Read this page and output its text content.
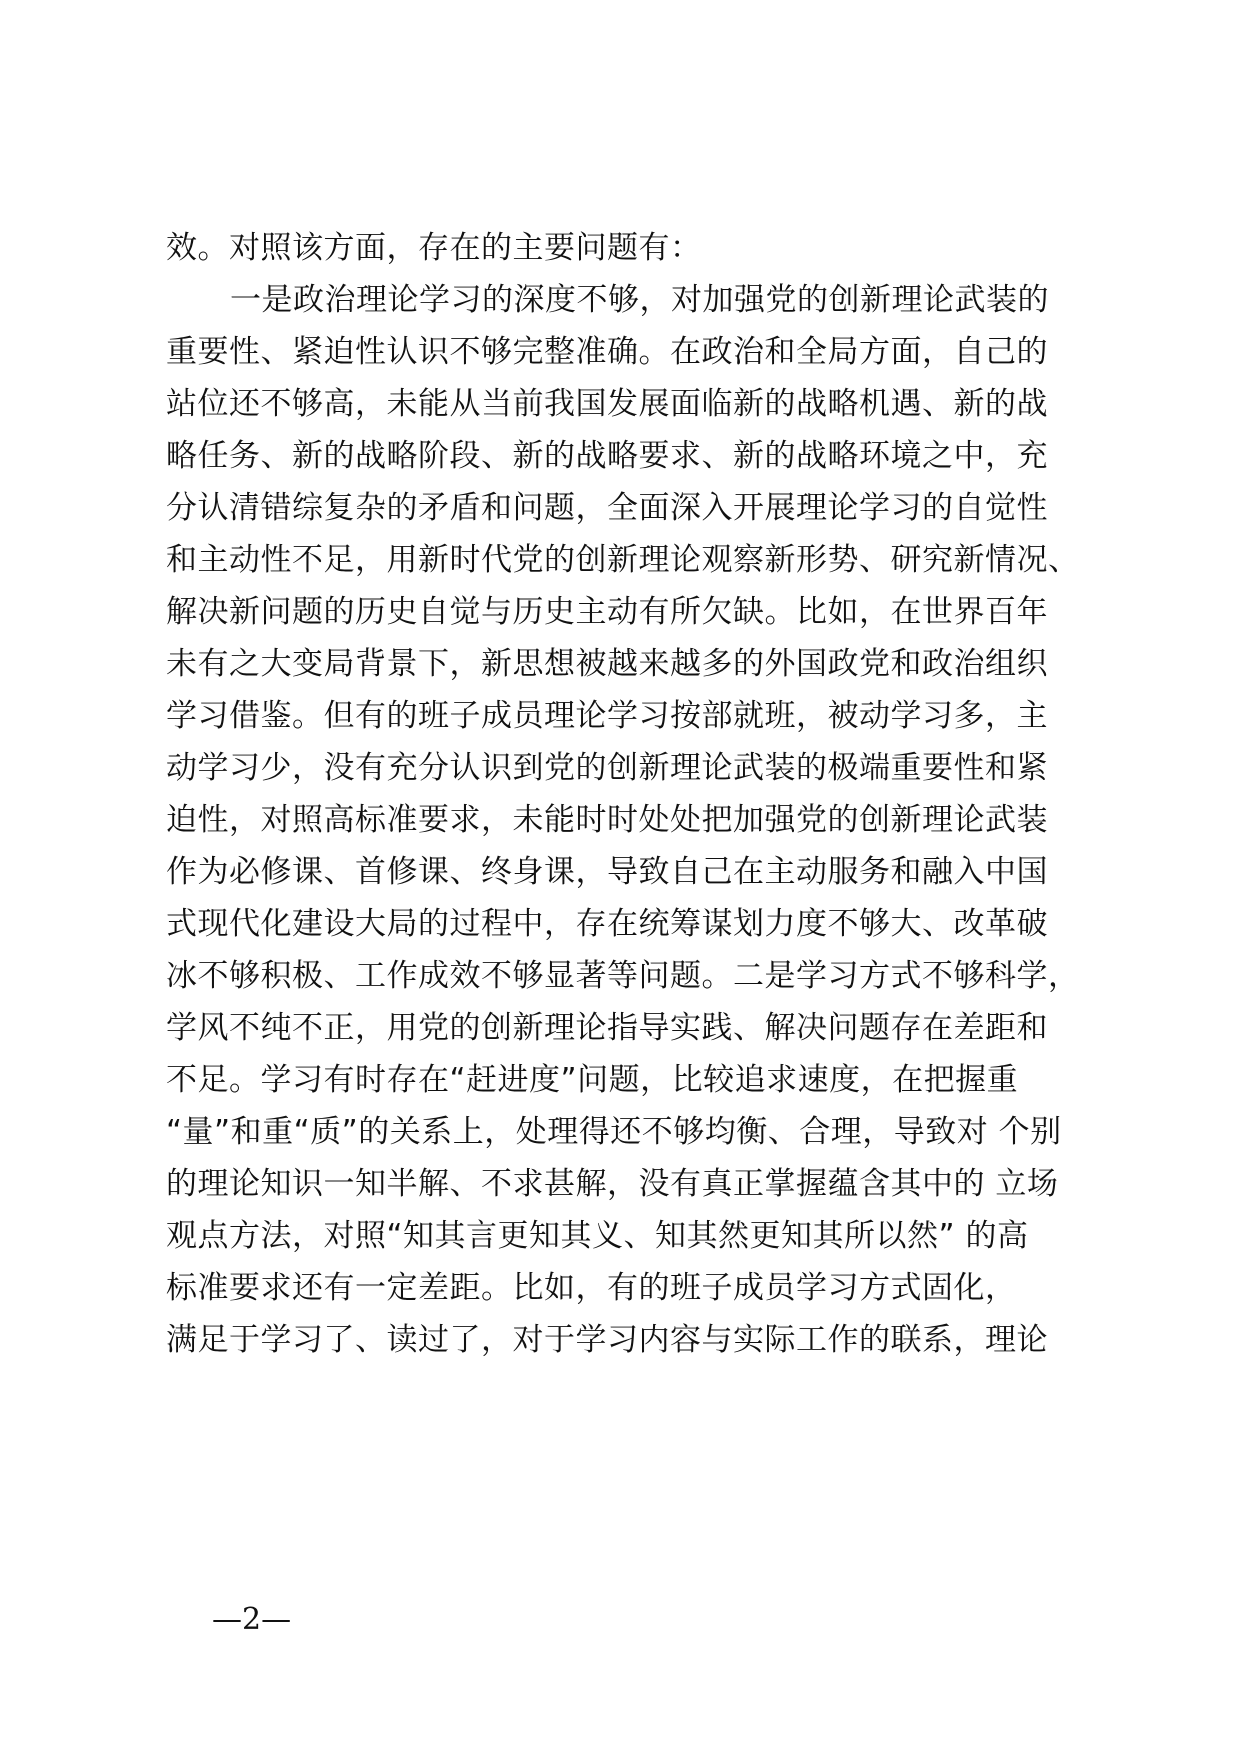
效。对照该方面，存在的主要问题有：
一是政治理论学习的深度不够，对加强党的创新理论武装的
重要性、紧迫性认识不够完整准确。在政治和全局方面，自己的
站位还不够高，未能从当前我国发展面临新的战略机遇、新的战
略任务、新的战略阶段、新的战略要求、新的战略环境之中，充
分认清错综复杂的矛盾和问题，全面深入开展理论学习的自觉性
和主动性不足，用新时代党的创新理论观察新形势、研究新情况、
解决新问题的历史自觉与历史主动有所欠缺。比如，在世界百年
未有之大变局背景下，新思想被越来越多的外国政党和政治组织
学习借鉴。但有的班子成员理论学习按部就班，被动学习多，主
动学习少，没有充分认识到党的创新理论武装的极端重要性和紧
迫性，对照高标准要求，未能时时处处把加强党的创新理论武装
作为必修课、首修课、终身课，导致自己在主动服务和融入中国
式现代化建设大局的过程中，存在统筹谋划力度不够大、改革破
冰不够积极、工作成效不够显著等问题。二是学习方式不够科学，
学风不纯不正，用党的创新理论指导实践、解决问题存在差距和
不足。学习有时存在“赶进度”问题，比较追求速度，在把握重
“量”和重“质”的关系上，处理得还不够均衡、合理，导致对 个别
的理论知识一知半解、不求甚解，没有真正掌握蕴含其中的 立场
观点方法，对照“知其言更知其义、知其然更知其所以然” 的高
标准要求还有一定差距。比如，有的班子成员学习方式固化，
满足于学习了、读过了，对于学习内容与实际工作的联系，理论
—2—
